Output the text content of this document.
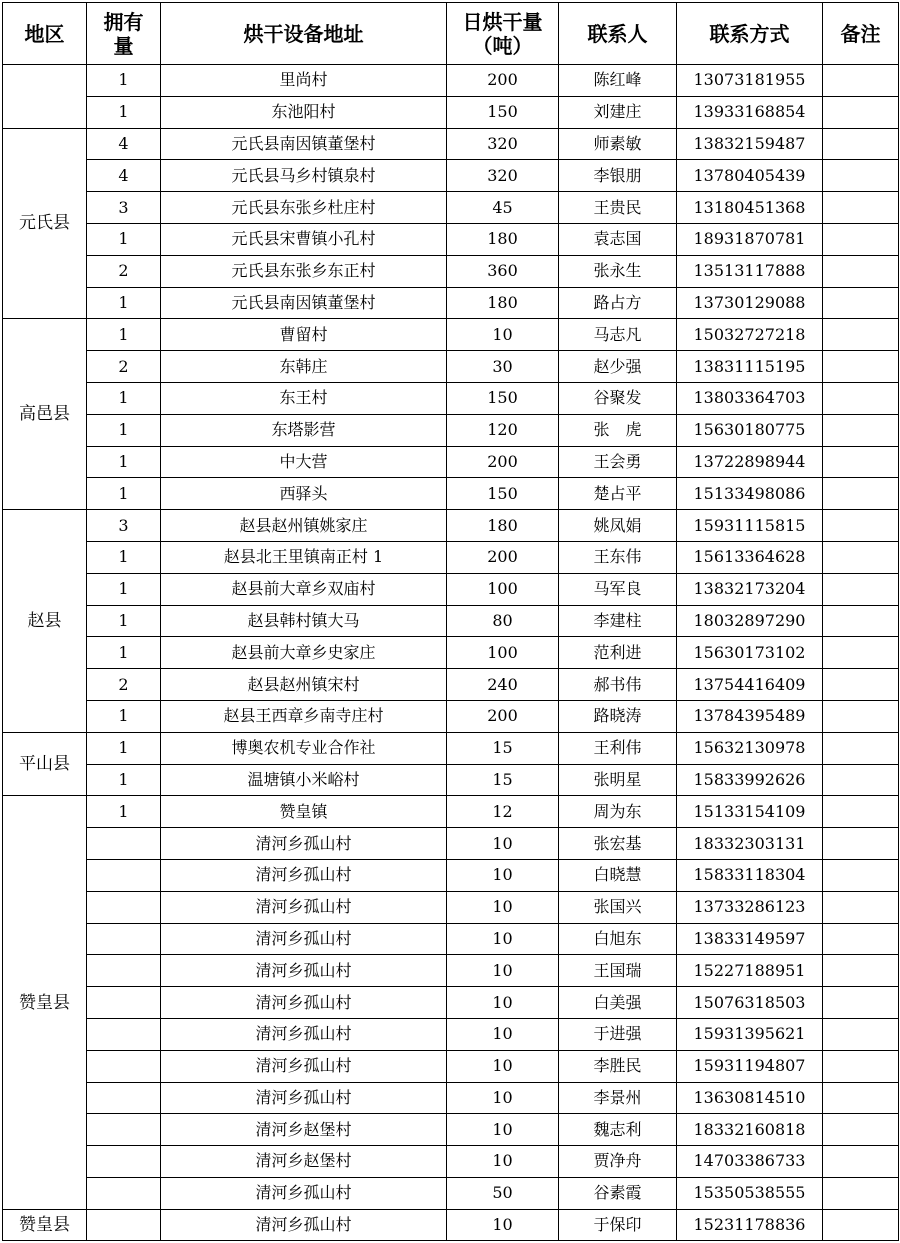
地区	拥有量	烘干设备地址	日烘干量（吨）	联系人	联系方式	备注
	1	里尚村	200	陈红峰	13073181955	
	1	东池阳村	150	刘建庄	13933168854	
元氏县	4	元氏县南因镇董堡村	320	师素敏	13832159487	
	4	元氏县马乡村镇泉村	320	李银朋	13780405439	
	3	元氏县东张乡杜庄村	45	王贵民	13180451368	
	1	元氏县宋曹镇小孔村	180	袁志国	18931870781	
	2	元氏县东张乡东正村	360	张永生	13513117888	
	1	元氏县南因镇董堡村	180	路占方	13730129088	
高邑县	1	曹留村	10	马志凡	15032727218	
	2	东韩庄	30	赵少强	13831115195	
	1	东王村	150	谷聚发	13803364703	
	1	东塔影营	120	张　虎	15630180775	
	1	中大营	200	王会勇	13722898944	
	1	西驿头	150	楚占平	15133498086	
赵县	3	赵县赵州镇姚家庄	180	姚凤娟	15931115815	
	1	赵县北王里镇南正村 1	200	王东伟	15613364628	
	1	赵县前大章乡双庙村	100	马军良	13832173204	
	1	赵县韩村镇大马	80	李建柱	18032897290	
	1	赵县前大章乡史家庄	100	范利进	15630173102	
	2	赵县赵州镇宋村	240	郝书伟	13754416409	
	1	赵县王西章乡南寺庄村	200	路晓涛	13784395489	
平山县	1	博奥农机专业合作社	15	王利伟	15632130978	
	1	温塘镇小米峪村	15	张明星	15833992626	
赞皇县	1	赞皇镇	12	周为东	15133154109	
		清河乡孤山村	10	张宏基	18332303131	
		清河乡孤山村	10	白晓慧	15833118304	
		清河乡孤山村	10	张国兴	13733286123	
		清河乡孤山村	10	白旭东	13833149597	
		清河乡孤山村	10	王国瑞	15227188951	
		清河乡孤山村	10	白美强	15076318503	
		清河乡孤山村	10	于进强	15931395621	
		清河乡孤山村	10	李胜民	15931194807	
		清河乡孤山村	10	李景州	13630814510	
		清河乡赵堡村	10	魏志利	18332160818	
		清河乡赵堡村	10	贾净舟	14703386733	
		清河乡孤山村	50	谷素霞	15350538555	
赞皇县		清河乡孤山村	10	于保印	15231178836	
